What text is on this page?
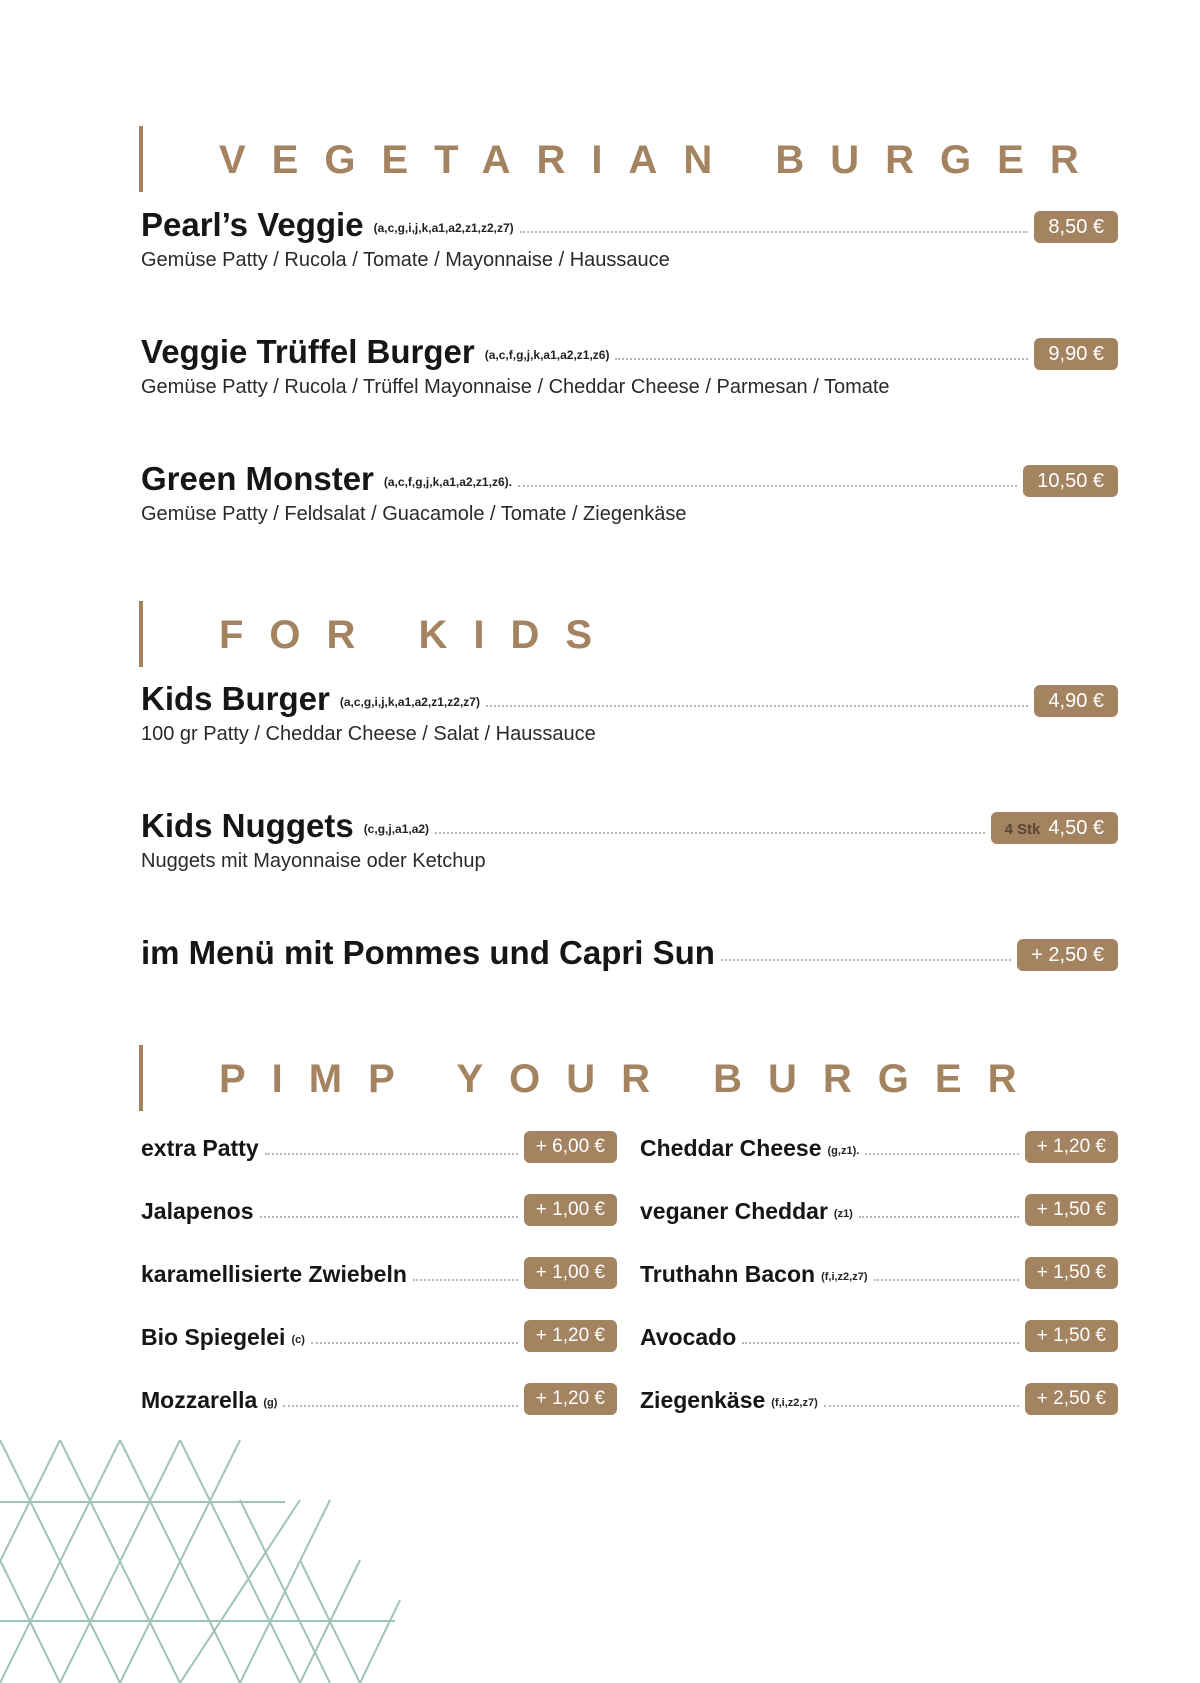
VEGETARIAN BURGER
Pearl’s Veggie (a,c,g,i,j,k,a1,a2,z1,z2,z7)	8,50 €
Gemüse Patty / Rucola / Tomate / Mayonnaise / Haussauce
Veggie Trüffel Burger (a,c,f,g,j,k,a1,a2,z1,z6)	9,90 €
Gemüse Patty / Rucola / Trüffel Mayonnaise / Cheddar Cheese / Parmesan / Tomate
Green Monster (a,c,f,g,j,k,a1,a2,z1,z6).	10,50 €
Gemüse Patty / Feldsalat / Guacamole / Tomate / Ziegenkäse
FOR KIDS
Kids Burger (a,c,g,i,j,k,a1,a2,z1,z2,z7)	4,90 €
100 gr Patty / Cheddar Cheese / Salat / Haussauce
Kids Nuggets (c,g,j,a1,a2)	4 Stk 4,50 €
Nuggets mit Mayonnaise oder Ketchup
im Menü mit Pommes und Capri Sun	+ 2,50 €
PIMP YOUR BURGER
extra Patty	+ 6,00 €
Jalapenos	+ 1,00 €
karamellisierte Zwiebeln	+ 1,00 €
Bio Spiegelei (c)	+ 1,20 €
Mozzarella (g)	+ 1,20 €
Cheddar Cheese (g,z1).	+ 1,20 €
veganer Cheddar (z1)	+ 1,50 €
Truthahn Bacon (f,i,z2,z7)	+ 1,50 €
Avocado	+ 1,50 €
Ziegenkäse (f,i,z2,z7)	+ 2,50 €
